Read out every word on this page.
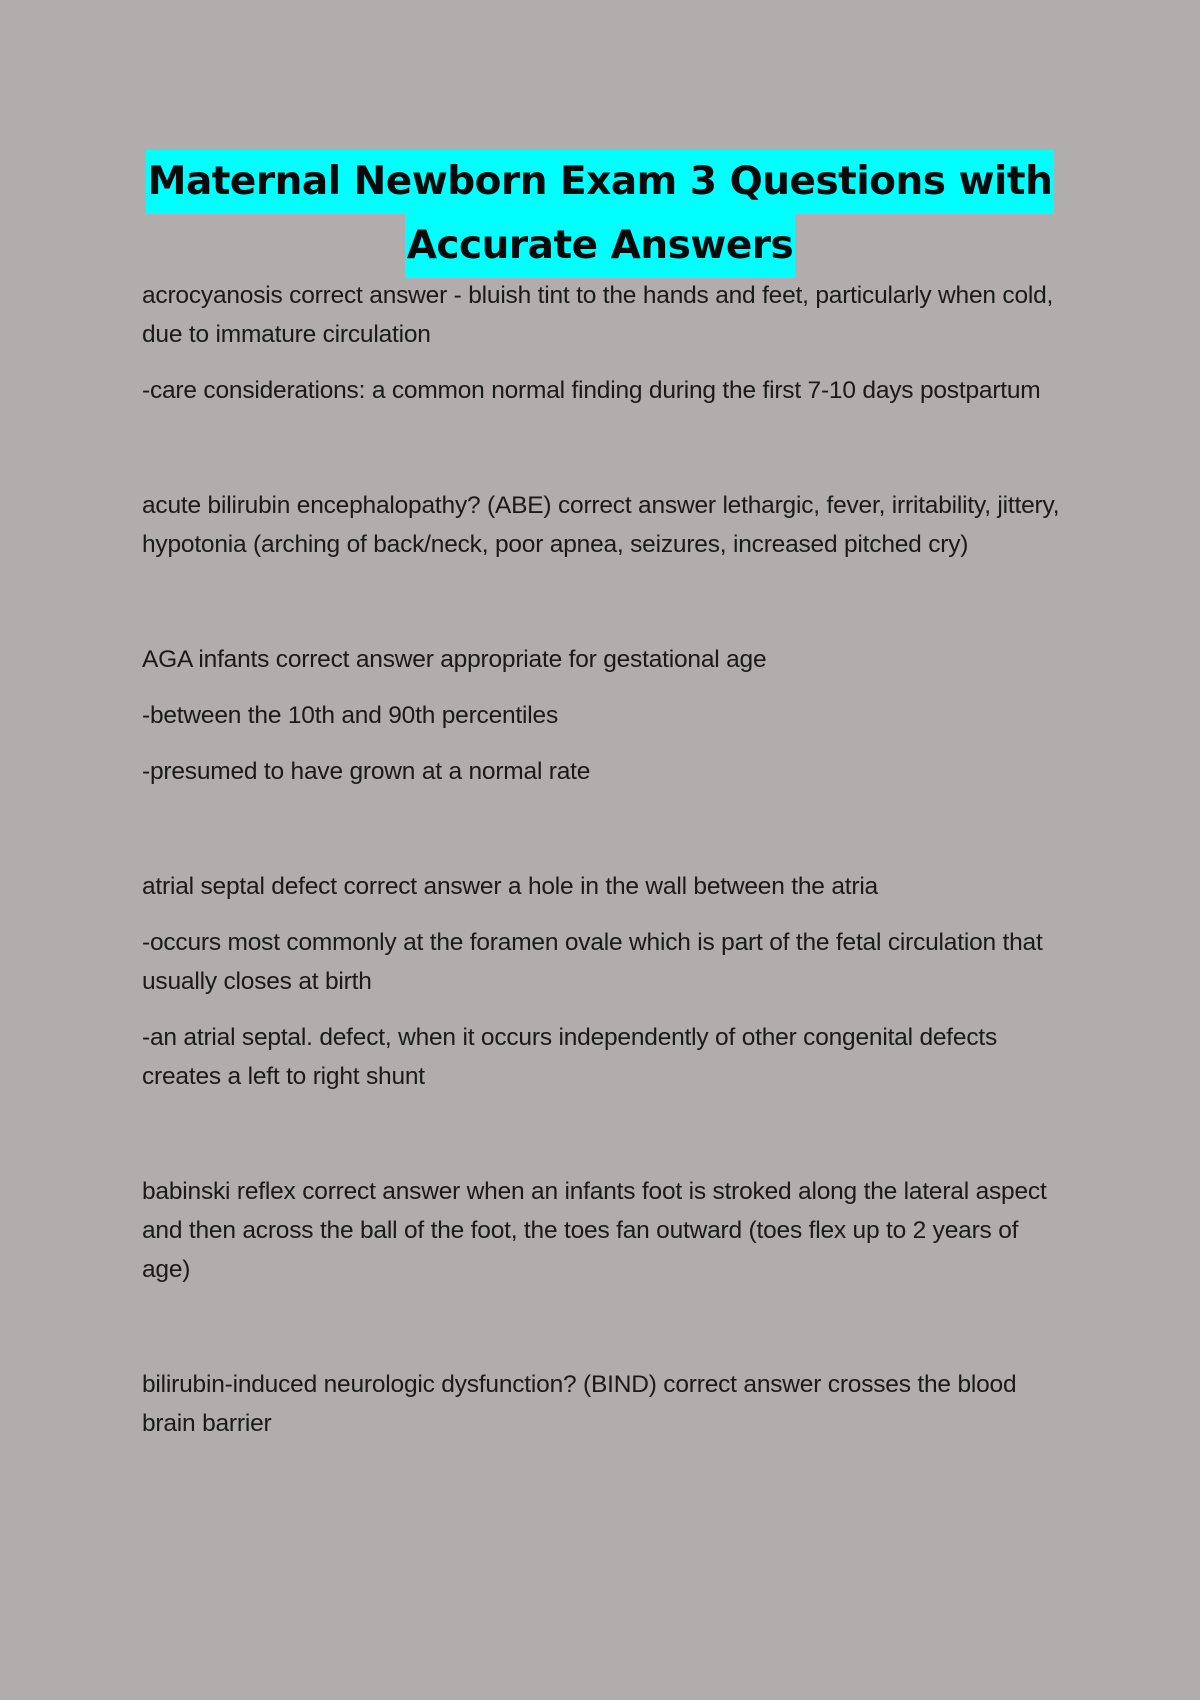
Maternal Newborn Exam 3 Questions with
Accurate Answers

acrocyanosis correct answer - bluish tint to the hands and feet, particularly when cold, due to immature circulation

-care considerations: a common normal finding during the first 7-10 days postpartum

acute bilirubin encephalopathy? (ABE) correct answer lethargic, fever, irritability, jittery, hypotonia (arching of back/neck, poor apnea, seizures, increased pitched cry)

AGA infants correct answer appropriate for gestational age

-between the 10th and 90th percentiles

-presumed to have grown at a normal rate

atrial septal defect correct answer a hole in the wall between the atria

-occurs most commonly at the foramen ovale which is part of the fetal circulation that usually closes at birth

-an atrial septal. defect, when it occurs independently of other congenital defects creates a left to right shunt

babinski reflex correct answer when an infants foot is stroked along the lateral aspect and then across the ball of the foot, the toes fan outward (toes flex up to 2 years of age)

bilirubin-induced neurologic dysfunction? (BIND) correct answer crosses the blood brain barrier
